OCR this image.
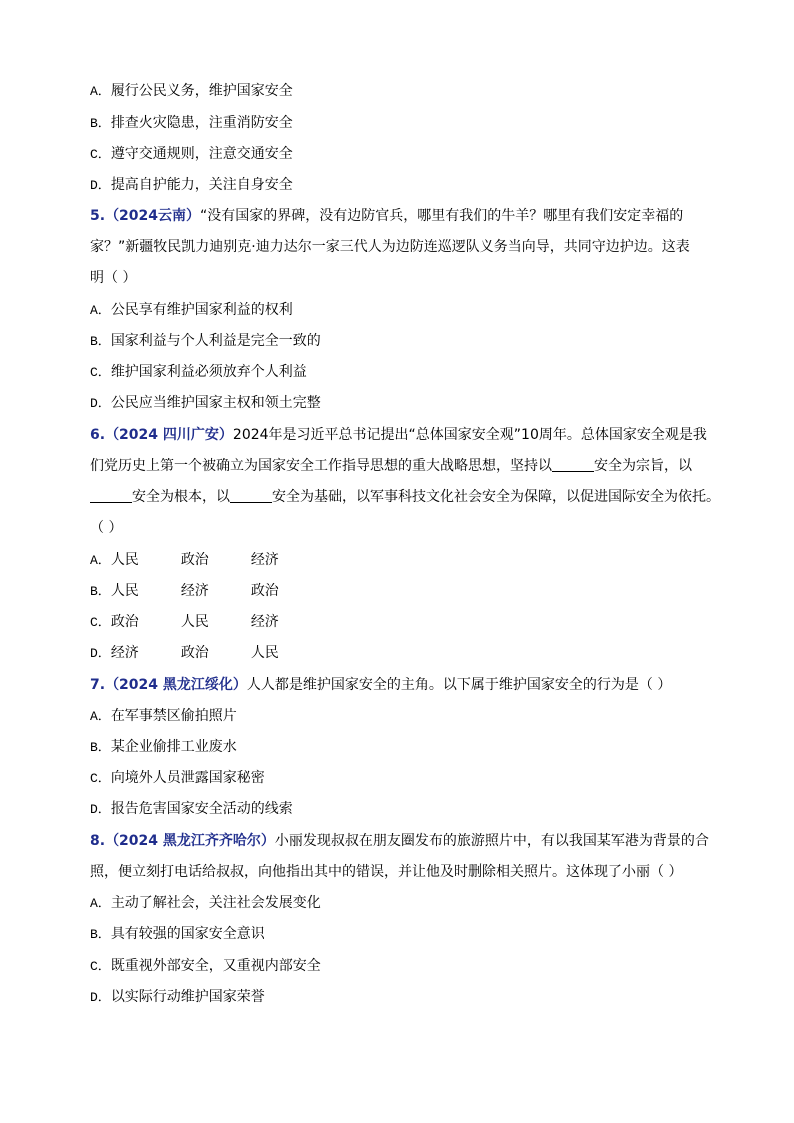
A．履行公民义务，维护国家安全
B．排查火灾隐患，注重消防安全
C．遵守交通规则，注意交通安全
D．提高自护能力，关注自身安全
5.（2024云南）“没有国家的界碑，没有边防官兵，哪里有我们的牛羊？哪里有我们安定幸福的
家？”新疆牧民凯力迪别克·迪力达尔一家三代人为边防连巡逻队义务当向导，共同守边护边。这表
明（ ）
A．公民享有维护国家利益的权利
B．国家利益与个人利益是完全一致的
C．维护国家利益必须放弃个人利益
D．公民应当维护国家主权和领土完整
6.（2024 四川广安）2024年是习近平总书记提出“总体国家安全观”10周年。总体国家安全观是我
们党历史上第一个被确立为国家安全工作指导思想的重大战略思想，坚持以	安全为宗旨，以
安全为根本，以	安全为基础，以军事科技文化社会安全为保障，以促进国际安全为依托。
（ ）
A．人民	政治	经济
B．人民	经济	政治
C．政治	人民	经济
D．经济	政治	人民
7.（2024 黑龙江绥化）人人都是维护国家安全的主角。以下属于维护国家安全的行为是（ ）
A．在军事禁区偷拍照片
B．某企业偷排工业废水
C．向境外人员泄露国家秘密
D．报告危害国家安全活动的线索
8.（2024 黑龙江齐齐哈尔）小丽发现叔叔在朋友圈发布的旅游照片中，有以我国某军港为背景的合
照，便立刻打电话给叔叔，向他指出其中的错误，并让他及时删除相关照片。这体现了小丽（ ）
A．主动了解社会，关注社会发展变化
B．具有较强的国家安全意识
C．既重视外部安全，又重视内部安全
D．以实际行动维护国家荣誉
